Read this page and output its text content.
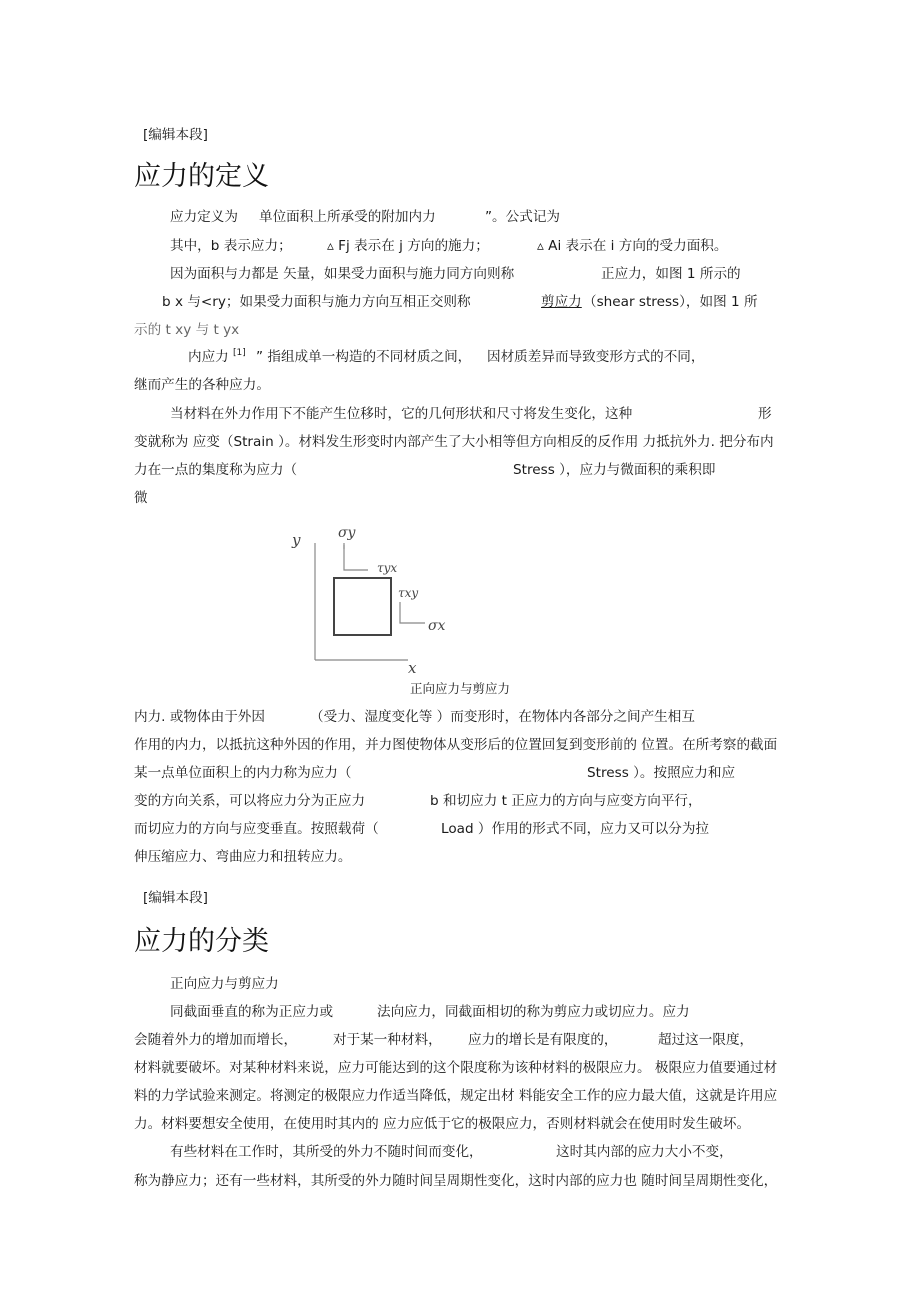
[编辑本段]
应力的定义
y
x
σy
τyx
τxy
σx
正向应力与剪应力
[编辑本段]
应力的分类
应力定义为 单位面积上所承受的附加内力	”。公式记为
其中，b 表示应力；	▵ Fj 表示在 j 方向的施力；	▵ Ai 表示在 i 方向的受力面积。
因为面积与力都是 矢量，如果受力面积与施力同方向则称	正应力，如图 1 所示的
b x 与<ry；如果受力面积与施力方向互相正交则称	剪应力 （shear stress），如图 1 所
示的 t xy 与 t yx
内应力 [1] ” 指组成单一构造的不同材质之间， 因材质差异而导致变形方式的不同，
继而产生的各种应力。
当材料在外力作用下不能产生位移时，它的几何形状和尺寸将发生变化，这种	形
变就称为 应变（Strain ）。材料发生形变时内部产生了大小相等但方向相反的反作用 力抵抗外力. 把分布内
力在一点的集度称为应力（	Stress ），应力与微面积的乘积即
微
内力. 或物体由于外因	（受力、湿度变化等 ）而变形时，在物体内各部分之间产生相互
作用的内力，以抵抗这种外因的作用，并力图使物体从变形后的位置回复到变形前的 位置。在所考察的截面
某一点单位面积上的内力称为应力（	Stress ）。按照应力和应
变的方向关系，可以将应力分为正应力	b 和切应力 t 正应力的方向与应变方向平行，
而切应力的方向与应变垂直。按照载荷（	Load ）作用的形式不同，应力又可以分为拉
伸压缩应力、弯曲应力和扭转应力。
正向应力与剪应力
同截面垂直的称为正应力或	法向应力，同截面相切的称为剪应力或切应力。应力
会随着外力的增加而增长，	对于某一种材料， 应力的增长是有限度的，	超过这一限度，
材料就要破坏。对某种材料来说，应力可能达到的这个限度称为该种材料的极限应力。 极限应力值要通过材
料的力学试验来测定。将测定的极限应力作适当降低，规定出材 料能安全工作的应力最大值，这就是许用应
力。材料要想安全使用，在使用时其内的 应力应低于它的极限应力，否则材料就会在使用时发生破坏。
有些材料在工作时，其所受的外力不随时间而变化，	这时其内部的应力大小不变，
称为静应力；还有一些材料，其所受的外力随时间呈周期性变化，这时内部的应力也 随时间呈周期性变化，
